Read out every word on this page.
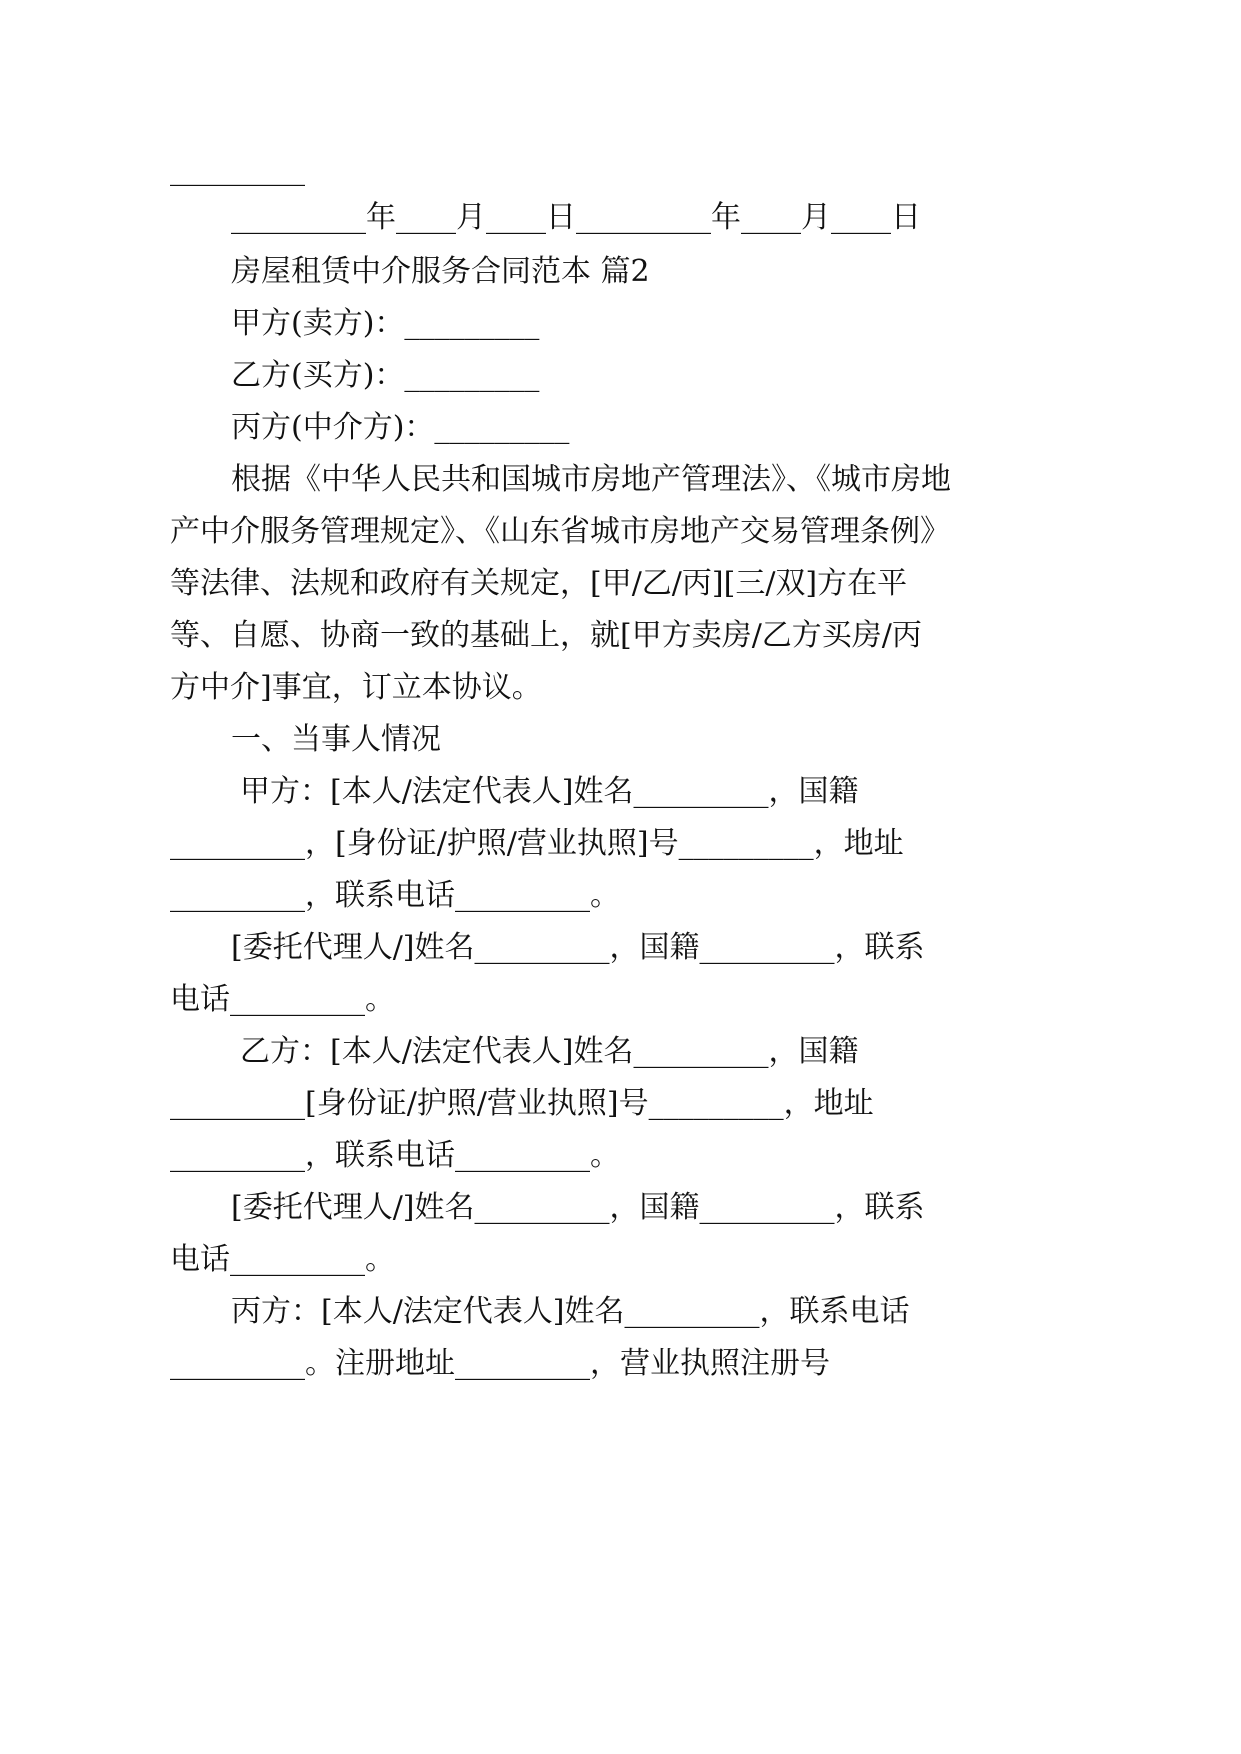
_________
_________年____月____日_________年____月____日
房屋租赁中介服务合同范本 篇2
甲方(卖方)：_________
乙方(买方)：_________
丙方(中介方)：_________
根据《中华人民共和国城市房地产管理法》、《城市房地
产中介服务管理规定》、《山东省城市房地产交易管理条例》
等法律、法规和政府有关规定，[甲/乙/丙][三/双]方在平
等、自愿、协商一致的基础上，就[甲方卖房/乙方买房/丙
方中介]事宜，订立本协议。
一、当事人情况
甲方：[本人/法定代表人]姓名_________，国籍
_________，[身份证/护照/营业执照]号_________，地址
_________，联系电话_________。
[委托代理人/]姓名_________，国籍_________，联系
电话_________。
乙方：[本人/法定代表人]姓名_________，国籍
_________[身份证/护照/营业执照]号_________，地址
_________，联系电话_________。
[委托代理人/]姓名_________，国籍_________，联系
电话_________。
丙方：[本人/法定代表人]姓名_________，联系电话
_________。注册地址_________，营业执照注册号
